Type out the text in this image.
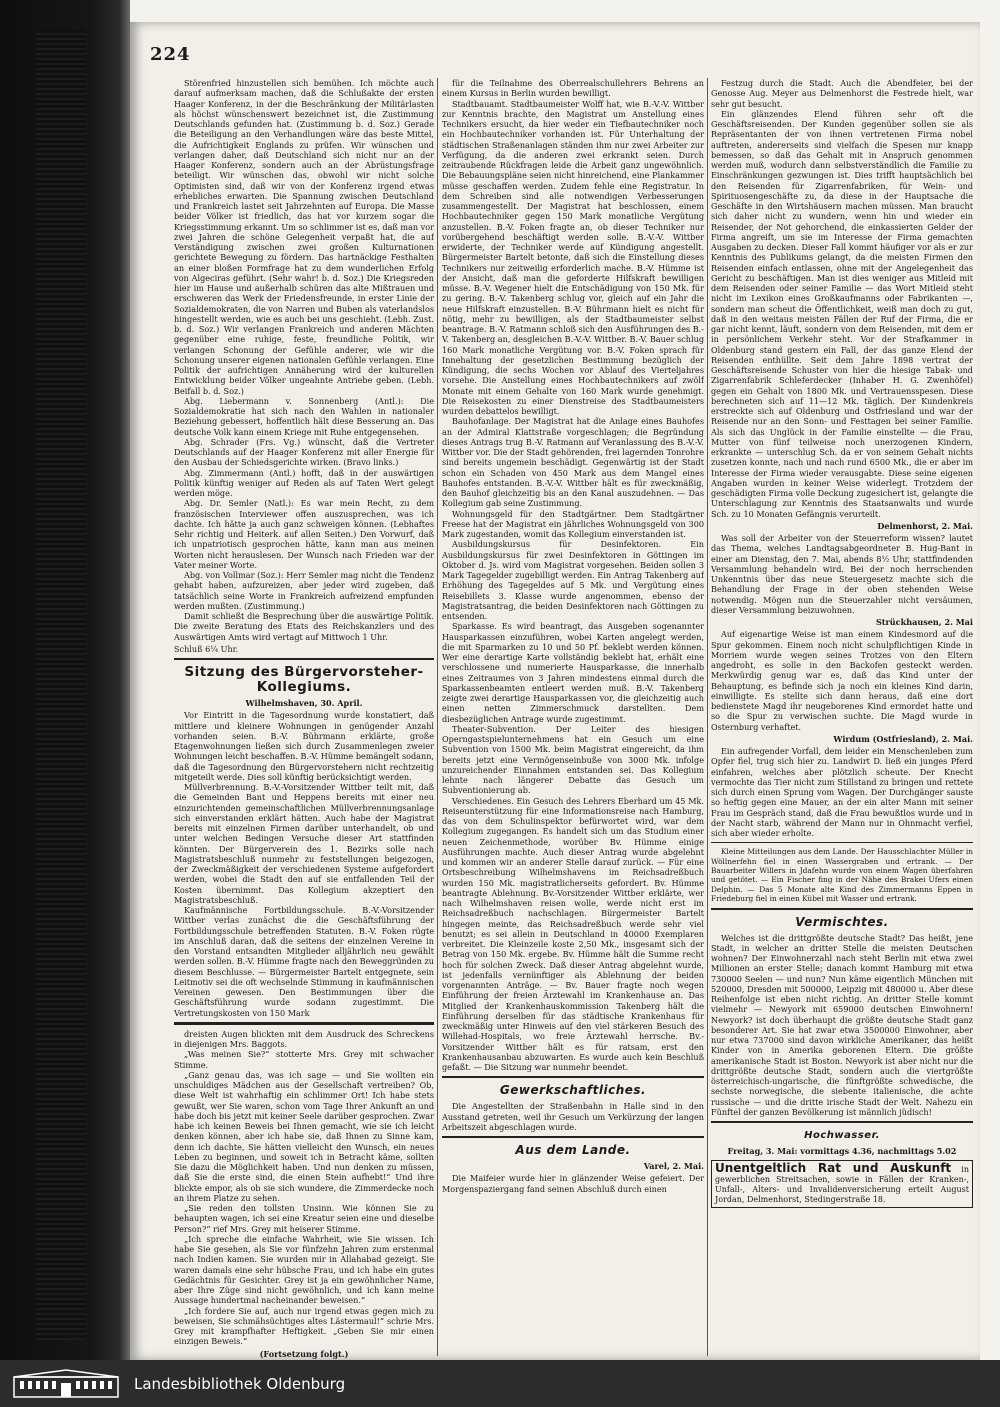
224

Störenfried hinzustellen sich bemühen. Ich möchte auch darauf aufmerksam machen, daß die Schlußakte der ersten Haager Konferenz, in der die Beschränkung der Militärlasten als höchst wünschenswert bezeichnet ist, die Zustimmung Deutschlands gefunden hat. (Zustimmung b. d. Soz.) Gerade die Beteiligung an den Verhandlungen wäre das beste Mittel, die Aufrichtigkeit Englands zu prüfen. Wir wünschen und verlangen daher, daß Deutschland sich nicht nur an der Haager Konferenz, sondern auch an der Abrüstungsfrage beteiligt. Wir wünschen das, obwohl wir nicht solche Optimisten sind, daß wir von der Konferenz irgend etwas erhebliches erwarten. Die Spannung zwischen Deutschland und Frankreich lastet seit Jahrzehnten auf Europa. Die Masse beider Völker ist friedlich, das hat vor kurzem sogar die Kriegsstimmung erkannt. Um so schlimmer ist es, daß man vor zwei Jahren die schöne Gelegenheit verpaßt hat, die auf Verständigung zwischen zwei großen Kulturnationen gerichtete Bewegung zu fördern. Das hartnäckige Festhalten an einer bloßen Formfrage hat zu dem wunderlichen Erfolg von Algeciras geführt. (Sehr wahr! b. d. Soz.) Die Kriegsreden hier im Hause und außerhalb schüren das alte Mißtrauen und erschweren das Werk der Friedensfreunde, in erster Linie der Sozialdemokraten, die von Narren und Buben als vaterlandslos hingestellt werden, wie es auch bei uns geschieht. (Lebh. Zust. b. d. Soz.) Wir verlangen Frankreich und anderen Mächten gegenüber eine ruhige, feste, freundliche Politik, wir verlangen Schonung der Gefühle anderer, wie wir die Schonung unserer eigenen nationalen Gefühle verlangen. Eine Politik der aufrichtigen Annäherung wird der kulturellen Entwicklung beider Völker ungeahnte Antriebe geben. (Lebh. Beifall b. d. Soz.)

Abg. Liebermann v. Sonnenberg (Antl.): Die Sozialdemokratie hat sich nach den Wahlen in nationaler Beziehung gebessert, hoffentlich hält diese Besserung an. Das deutsche Volk kann einem Kriege mit Ruhe entgegensehen.

Abg. Schrader (Frs. Vg.) wünscht, daß die Vertreter Deutschlands auf der Haager Konferenz mit aller Energie für den Ausbau der Schiedsgerichte wirken. (Bravo links.)

Abg. Zimmermann (Antl.) hofft, daß in der auswärtigen Politik künftig weniger auf Reden als auf Taten Wert gelegt werden möge.

Abg. Dr. Semler (Natl.): Es war mein Recht, zu dem französischen Interviewer offen auszusprechen, was ich dachte. Ich hätte ja auch ganz schweigen können. (Lebhaftes Sehr richtig und Heiterk. auf allen Seiten.) Den Vorwurf, daß ich unpatriotisch gesprochen hätte, kann man aus meinen Worten nicht herauslesen. Der Wunsch nach Frieden war der Vater meiner Worte.

Abg. von Vollmar (Soz.): Herr Semler mag nicht die Tendenz gehabt haben, aufzureizen, aber jeder wird zugeben, daß tatsächlich seine Worte in Frankreich aufreizend empfunden werden mußten. (Zustimmung.)

Damit schließt die Besprechung über die auswärtige Politik. Die zweite Beratung des Etats des Reichskanzlers und des Auswärtigen Amts wird vertagt auf Mittwoch 1 Uhr.

Schluß 6¼ Uhr.
Sitzung des Bürgervorsteher-Kollegiums.
Wilhelmshaven, 30. April.

Vor Eintritt in die Tagesordnung wurde konstatiert, daß mittlere und kleinere Wohnungen in genügender Anzahl vorhanden seien. B.-V. Bührmann erklärte, große Etagenwohnungen ließen sich durch Zusammenlegen zweier Wohnungen leicht beschaffen. B.-V. Hümme bemängelt sodann, daß die Tagesordnung den Bürgervorstehern nicht rechtzeitig mitgeteilt werde. Dies soll künftig berücksichtigt werden.

Müllverbrennung. B.-V.-Vorsitzender Wittber teilt mit, daß die Gemeinden Bant und Heppens bereits mit einer neu einzurichtenden gemeinschaftlichen Müllverbrennungsanlage sich einverstanden erklärt hätten. Auch habe der Magistrat bereits mit einzelnen Firmen darüber unterhandelt, ob und unter welchen Bedingen Versuche dieser Art stattfinden könnten. Der Bürgerverein des 1. Bezirks solle nach Magistratsbeschluß nunmehr zu feststellungen beigezogen, der Zweckmäßigkeit der verschiedenen Systeme aufgefordert werden, wobei die Stadt den auf sie entfallenden Teil der Kosten übernimmt. Das Kollegium akzeptiert den Magistratsbeschluß.

Kaufmännische Fortbildungsschule. B.-V.-Vorsitzender Wittber verlas zunächst die die Geschäftsführung der Fortbildungsschule betreffenden Statuten. B.-V. Foken rügte im Anschluß daran, daß die seitens der einzelnen Vereine in den Vorstand entsandten Mitglieder alljährlich neu gewählt werden sollen. B.-V. Hümme fragte nach den Beweggründen zu diesem Beschlusse. — Bürgermeister Bartelt entgegnete, sein Leitmotiv sei die oft wechselnde Stimmung in kaufmännischen Vereinen gewesen. Den Bestimmungen über die Geschäftsführung wurde sodann zugestimmt. Die Vertretungskosten von 150 Mark

dreisten Augen blickten mit dem Ausdruck des Schreckens in diejenigen Mrs. Baggots.

„Was meinen Sie?“ stotterte Mrs. Grey mit schwacher Stimme.

„Ganz genau das, was ich sage — und Sie wollten ein unschuldiges Mädchen aus der Gesellschaft vertreiben? Ob, diese Welt ist wahrhaftig ein schlimmer Ort! Ich habe stets gewußt, wer Sie waren, schon vom Tage Ihrer Ankunft an und habe doch bis jetzt mit keiner Seele darüber gesprochen. Zwar habe ich keinen Beweis bei Ihnen gemacht, wie sie ich leicht denken können, aber ich habe sie, daß Ihnen zu Sinne kam, denn ich dachte, Sie hätten vielleicht den Wunsch, ein neues Leben zu beginnen, und soweit ich in Betracht käme, sollten Sie dazu die Möglichkeit haben. Und nun denken zu müssen, daß Sie die erste sind, die einen Stein aufhebt!“ Und ihre blickte empor, als ob sie sich wundere, die Zimmerdecke noch an ihrem Platze zu sehen.

„Sie reden den tollsten Unsinn. Wie können Sie zu behaupten wagen, ich sei eine Kreatur seien eine und dieselbe Person?“ rief Mrs. Grey mit heiserer Stimme.

„Ich spreche die einfache Wahrheit, wie Sie wissen. Ich habe Sie gesehen, als Sie vor fünfzehn Jahren zum erstenmal nach Indien kamen. Sie wurden mir in Allahabad gezeigt. Sie waren damals eine sehr hübsche Frau, und ich habe ein gutes Gedächtnis für Gesichter. Grey ist ja ein gewöhnlicher Name, aber Ihre Züge sind nicht gewöhnlich, und ich kann meine Aussage hundertmal nacheinander beweisen.“

„Ich fordere Sie auf, auch nur irgend etwas gegen mich zu beweisen, Sie schmähsüchtiges altes Lästermaul!“ schrie Mrs. Grey mit krampfhafter Heftigkeit. „Geben Sie mir einen einzigen Beweis.“

(Fortsetzung folgt.)

für die Teilnahme des Oberrealschullehrers Behrens an einem Kursus in Berlin wurden bewilligt.

Stadtbauamt. Stadtbaumeister Wolff hat, wie B.-V.-V. Wittber zur Kenntnis brachte, den Magistrat um Anstellung eines Technikers ersucht, da hier weder ein Tiefbautechniker noch ein Hochbautechniker vorhanden ist. Für Unterhaltung der städtischen Straßenanlagen ständen ihm nur zwei Arbeiter zur Verfügung, da die anderen zwei erkrankt seien. Durch zeitraubende Rückfragen leide die Arbeit ganz ungewöhnlich. Die Bebauungspläne seien nicht hinreichend, eine Plankammer müsse geschaffen werden. Zudem fehle eine Registratur. In dem Schreiben sind alle notwendigen Verbesserungen zusammengestellt. Der Magistrat hat beschlossen, einem Hochbautechniker gegen 150 Mark monatliche Vergütung anzustellen. B.-V. Foken fragte an, ob dieser Techniker nur vorübergehend beschäftigt werden solle. B.-V.-V. Wittber erwiderte, der Techniker werde auf Kündigung angestellt. Bürgermeister Bartelt betonte, daß sich die Einstellung dieses Technikers nur zeitweilig erforderlich mache. B.-V. Hümme ist der Ansicht, daß man die geforderte Hilfskraft bewilligen müsse. B.-V. Wegener hielt die Entschädigung von 150 Mk. für zu gering. B.-V. Takenberg schlug vor, gleich auf ein Jahr die neue Hilfskraft einzustellen. B.-V. Bührmann hielt es nicht für nötig, mehr zu bewilligen, als der Stadtbaumeister selbst beantrage. B.-V. Ratmann schloß sich den Ausführungen des B.-V. Takenberg an, desgleichen B.-V.-V. Wittber. B.-V. Bauer schlug 160 Mark monatliche Vergütung vor. B.-V. Foken sprach für Innehaltung der gesetzlichen Bestimmung bezüglich der Kündigung, die sechs Wochen vor Ablauf des Vierteljahres vorsehe. Die Anstellung eines Hochbautechnikers auf zwölf Monate mit einem Gehalte von 160 Mark wurde genehmigt. Die Reisekosten zu einer Dienstreise des Stadtbaumeisters wurden debattelos bewilligt.

Bauhofanlage. Der Magistrat hat die Anlage eines Bauhofes an der Admiral Klattstraße vorgeschlagen; die Begründung dieses Antrags trug B.-V. Ratmann auf Veranlassung des B.-V.-V. Wittber vor. Die der Stadt gehörenden, frei lagernden Tonrohre sind bereits ungemein beschädigt. Gegenwärtig ist der Stadt schon ein Schaden von 450 Mark aus dem Mangel eines Bauhofes entstanden. B.-V.-V. Wittber hält es für zweckmäßig, den Bauhof gleichzeitig bis an den Kanal auszudehnen. — Das Kollegium gab seine Zustimmung.

Wohnungsgeld für den Stadtgärtner. Dem Stadtgärtner Freese hat der Magistrat ein jährliches Wohnungsgeld von 300 Mark zugestanden, womit das Kollegium einverstanden ist.

Ausbildungskursus für Desinfektoren. Ein Ausbildungskursus für zwei Desinfektoren in Göttingen im Oktober d. Js. wird vom Magistrat vorgesehen. Beiden sollen 3 Mark Tagegelder zugebilligt werden. Ein Antrag Takenberg auf Erhöhung des Tagegeldes auf 5 Mk. und Vergütung eines Reisebillets 3. Klasse wurde angenommen, ebenso der Magistratsantrag, die beiden Desinfektoren nach Göttingen zu entsenden.

Sparkasse. Es wird beantragt, das Ausgeben sogenannter Hausparkassen einzuführen, wobei Karten angelegt werden, die mit Sparmarken zu 10 und 50 Pf. beklebt werden können. Wer eine derartige Karte vollständig beklebt hat, erhält eine verschlossene und numerierte Hausparkasse, die innerhalb eines Zeitraumes von 3 Jahren mindestens einmal durch die Sparkassenbeamten entleert werden muß. B.-V. Takenberg zeigte zwei derartige Hausparkassen vor, die gleichzeitig auch einen netten Zimmerschmuck darstellten. Dem diesbezüglichen Antrage wurde zugestimmt.

Theater-Subvention. Der Leiter des hiesigen Operngastspielunternehmens hat ein Gesuch um eine Subvention von 1500 Mk. beim Magistrat eingereicht, da ihm bereits jetzt eine Vermögenseinbuße von 3000 Mk. infolge unzureichender Einnahmen entstanden sei. Das Kollegium lehnte nach längerer Debatte das Gesuch um Subventionierung ab.

Verschiedenes. Ein Gesuch des Lehrers Eberhard um 45 Mk. Reiseunterstützung für eine Informationsreise nach Hamburg, das von dem Schulinspektor befürwortet wird, war dem Kollegium zugegangen. Es handelt sich um das Studium einer neuen Zeichenmethode, worüber Bv. Hümme einige Ausführungen machte. Auch dieser Antrag wurde abgelehnt und kommen wir an anderer Stelle darauf zurück. — Für eine Ortsbeschreibung Wilhelmshavens im Reichsadreßbuch wurden 150 Mk. magistratlicherseits gefordert. Bv. Hümme beantragte Ablehnung. Bv.-Vorsitzender Wittber erklärte, wer nach Wilhelmshaven reisen wolle, werde nicht erst im Reichsadreßbuch nachschlagen. Bürgermeister Bartelt hingegen meinte, das Reichsadreßbuch werde sehr viel benutzt; es sei allein in Deutschland in 40000 Exemplaren verbreitet. Die Kleinzeile koste 2,50 Mk., insgesamt sich der Betrag von 150 Mk. ergebe. Bv. Hümme hält die Summe recht hoch für solchen Zweck. Daß dieser Antrag abgelehnt wurde, ist jedenfalls vernünftiger als Ablehnung der beiden vorgenannten Anträge. — Bv. Bauer fragte noch wegen Einführung der freien Ärztewahl im Krankenhause an. Das Mitglied der Krankenhauskommission Takenberg hält die Einführung derselben für das städtische Krankenhaus für zweckmäßig unter Hinweis auf den viel stärkeren Besuch des Willehad-Hospitals, wo freie Ärztewahl herrsche. Bv.-Vorsitzender Wittber hält es für ratsam, erst den Krankenhausanbau abzuwarten. Es wurde auch kein Beschluß gefaßt. — Die Sitzung war nunmehr beendet.

Gewerkschaftliches.

Die Angestellten der Straßenbahn in Halle sind in den Ausstand getreten, weil ihr Gesuch um Verkürzung der langen Arbeitszeit abgeschlagen wurde.

Aus dem Lande.
Varel, 2. Mai.

Die Maifeier wurde hier in glänzender Weise gefeiert. Der Morgenspaziergang fand seinen Abschluß durch einen

Festzug durch die Stadt. Auch die Abendfeier, bei der Genosse Aug. Meyer aus Delmenhorst die Festrede hielt, war sehr gut besucht.

Ein glänzendes Elend führen sehr oft die Geschäftsreisenden. Der Kunden gegenüber sollen sie als Repräsentanten der von ihnen vertretenen Firma nobel auftreten, andererseits sind vielfach die Spesen nur knapp bemessen, so daß das Gehalt mit in Anspruch genommen werden muß, wodurch dann selbstverständlich die Familie zu Einschränkungen gezwungen ist. Dies trifft hauptsächlich bei den Reisenden für Zigarrenfabriken, für Wein- und Spirituosengeschäfte zu, da diese in der Hauptsache die Geschäfte in den Wirtshäusern machen müssen. Man braucht sich daher nicht zu wundern, wenn hin und wieder ein Reisender, der Not gehorchend, die einkassierten Gelder der Firma angreift, um sie im Interesse der Firma gemachten Ausgaben zu decken. Dieser Fall kommt häufiger vor als er zur Kenntnis des Publikums gelangt, da die meisten Firmen den Reisenden einfach entlassen, ohne mit der Angelegenheit das Gericht zu beschäftigen. Man ist dies weniger aus Mitleid mit dem Reisenden oder seiner Familie — das Wort Mitleid steht nicht im Lexikon eines Großkaufmanns oder Fabrikanten —, sondern man scheut die Öffentlichkeit, weiß man doch zu gut, daß in den weitaus meisten Fällen der Ruf der Firma, die er gar nicht kennt, läuft, sondern von dem Reisenden, mit dem er in persönlichem Verkehr steht. Vor der Strafkammer in Oldenburg stand gestern ein Fall, der das ganze Elend der Reisenden enthüllte. Seit dem Jahre 1898 vertrat der Geschäftsreisende Schuster von hier die hiesige Tabak- und Zigarrenfabrik Schleferdecker (Inhaber H. G. Zwenhöfel) gegen ein Gehalt von 1800 Mk. und Vertrauensspesen. Diese berechneten sich auf 11—12 Mk. täglich. Der Kundenkreis erstreckte sich auf Oldenburg und Ostfriesland und war der Reisende nur an den Sonn- und Festtagen bei seiner Familie. Als sich das Unglück in der Familie einstellte — die Frau, Mutter von fünf teilweise noch unerzogenen Kindern, erkrankte — unterschlug Sch. da er von seinem Gehalt nichts zusetzen konnte, nach und nach rund 6500 Mk., die er aber im Interesse der Firma wieder verausgabte. Diese seine eigenen Angaben wurden in keiner Weise widerlegt. Trotzdem der geschädigten Firma volle Deckung zugesichert ist, gelangte die Unterschlagung zur Kenntnis des Staatsanwalts und wurde Sch. zu 10 Monaten Gefängnis verurteilt.

Delmenhorst, 2. Mai.

Was soll der Arbeiter von der Steuerreform wissen? lautet das Thema, welches Landtagsabgeordneter B. Hug-Bant in einer am Dienstag, den 7. Mai, abends 8½ Uhr, stattfindenden Versammlung behandeln wird. Bei der noch herrschenden Unkenntnis über das neue Steuergesetz machte sich die Behandlung der Frage in der oben stehenden Weise notwendig. Mögen nun die Steuerzahler nicht versäumen, dieser Versammlung beizuwohnen.

Strückhausen, 2. Mai

Auf eigenartige Weise ist man einem Kindesmord auf die Spur gekommen. Einem noch nicht schulpflichtigen Kinde in Morriem wurde wegen seines Trotzes von den Eltern angedroht, es solle in den Backofen gesteckt werden. Merkwürdig genug war es, daß das Kind unter der Behauptung, es befinde sich ja noch ein kleines Kind darin, einwilligte. Es stellte sich dann heraus, daß eine dort bedienstete Magd ihr neugeborenes Kind ermordet hatte und so die Spur zu verwischen suchte. Die Magd wurde in Osternburg verhaftet.

Wirdum (Ostfriesland), 2. Mai.

Ein aufregender Vorfall, dem leider ein Menschenleben zum Opfer fiel, trug sich hier zu. Landwirt D. ließ ein junges Pferd einfahren, welches aber plötzlich scheute. Der Knecht vermochte das Tier nicht zum Stillstand zu bringen und rettete sich durch einen Sprung vom Wagen. Der Durchgänger sauste so heftig gegen eine Mauer, an der ein alter Mann mit seiner Frau im Gespräch stand, daß die Frau bewußtlos wurde und in der Nacht starb, während der Mann nur in Ohnmacht verfiel, sich aber wieder erholte.

Kleine Mitteilungen aus dem Lande. Der Hausschlachter Müller in Wöllnerfehn fiel in einen Wassergraben und ertrank. — Der Bauarbeiter Willers in Jdafehn wurde von einem Wagen überfahren und getötet. — Ein Fischer fing in der Nähe des Brakei Ufers einen Delphin. — Das 5 Monate alte Kind des Zimmermanns Eppen in Friedeburg fiel in einen Kübel mit Wasser und ertrank.

Vermischtes.

Welches ist die drittgrößte deutsche Stadt? Das heißt, jene Stadt, in welcher an dritter Stelle die meisten Deutschen wohnen? Der Einwohnerzahl nach steht Berlin mit etwa zwei Millionen an erster Stelle; danach kommt Hamburg mit etwa 730000 Seelen — und nun? Nun käme eigentlich München mit 520000, Dresden mit 500000, Leipzig mit 480000 u. Aber diese Reihenfolge ist eben nicht richtig. An dritter Stelle kommt vielmehr — Newyork mit 659000 deutschen Einwohnern! Newyork? ist doch überhaupt die größte deutsche Stadt ganz besonderer Art. Sie hat zwar etwa 3500000 Einwohner, aber nur etwa 737000 sind davon wirkliche Amerikaner, das heißt Kinder von in Amerika geborenen Eltern. Die größte amerikanische Stadt ist Boston. Newyork ist aber nicht nur die drittgrößte deutsche Stadt, sondern auch die viertgrößte österreichisch-ungarische, die fünftgrößte schwedische, die sechste norwegische, die siebente italienische, die achte russische — und die dritte irische Stadt der Welt. Nahezu ein Fünftel der ganzen Bevölkerung ist männlich jüdisch!

Hochwasser.
Freitag, 3. Mai: vormittags 4.36, nachmittags 5.02
Unentgeltlich Rat und Auskunft in gewerblichen Streitsachen, sowie in Fällen der Kranken-, Unfall-, Alters- und Invalidenversicherung erteilt August Jordan, Delmenhorst, Stedingerstraße 18.
Landesbibliothek Oldenburg
